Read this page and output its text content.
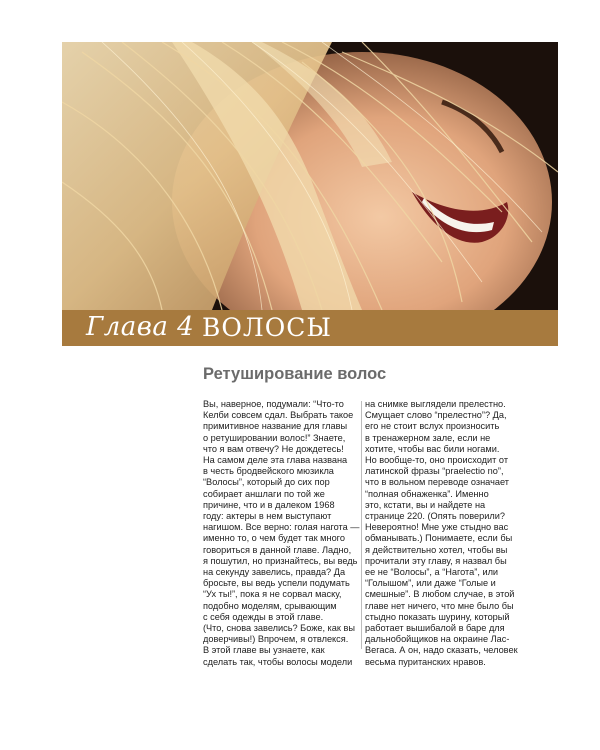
Глава 4 ВОЛОСЫ
Ретуширование волос
Вы, наверное, подумали: “Что-то
Келби совсем сдал. Выбрать такое
примитивное название для главы
о ретушировании волос!” Знаете,
что я вам отвечу? Не дождетесь!
На самом деле эта глава названа
в честь бродвейского мюзикла
“Волосы”, который до сих пор
собирает аншлаги по той же
причине, что и в далеком 1968
году: актеры в нем выступают
нагишом. Все верно: голая нагота —
именно то, о чем будет так много
говориться в данной главе. Ладно,
я пошутил, но признайтесь, вы ведь
на секунду завелись, правда? Да
бросьте, вы ведь успели подумать
“Ух ты!”, пока я не сорвал маску,
подобно моделям, срывающим
с себя одежды в этой главе.
(Что, снова завелись? Боже, как вы
доверчивы!) Впрочем, я отвлекся.
В этой главе вы узнаете, как
сделать так, чтобы волосы модели
на снимке выглядели прелестно.
Смущает слово “прелестно”? Да,
его не стоит вслух произносить
в тренажерном зале, если не
хотите, чтобы вас били ногами.
Но вообще-то, оно происходит от
латинской фразы “praelectio no”,
что в вольном переводе означает
“полная обнаженка”. Именно
это, кстати, вы и найдете на
странице 220. (Опять поверили?
Невероятно! Мне уже стыдно вас
обманывать.) Понимаете, если бы
я действительно хотел, чтобы вы
прочитали эту главу, я назвал бы
ее не “Волосы”, а “Нагота”, или
“Голышом”, или даже “Голые и
смешные”. В любом случае, в этой
главе нет ничего, что мне было бы
стыдно показать шурину, который
работает вышибалой в баре для
дальнобойщиков на окраине Лас-
Вегаса. А он, надо сказать, человек
весьма пуританских нравов.
